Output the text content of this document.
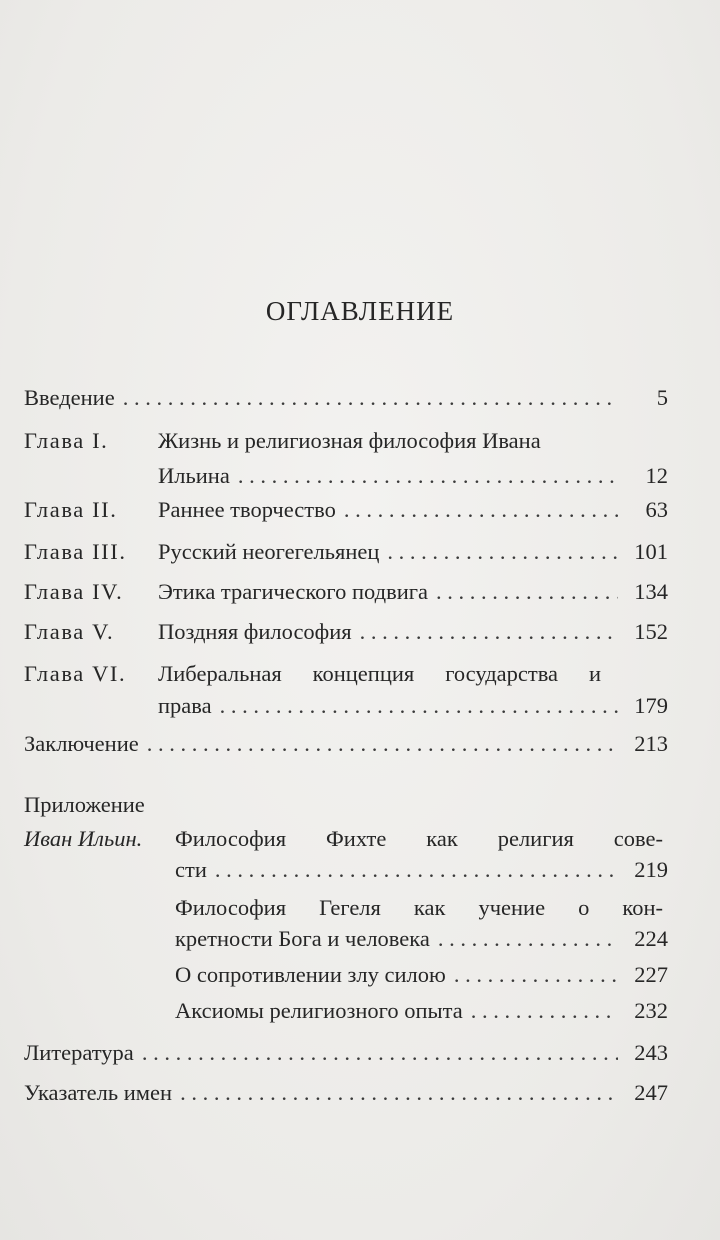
ОГЛАВЛЕНИЕ
Введение . . .	5
Глава I. Жизнь и религиозная философия Ивана
Ильина . . .	12
Глава II. Раннее творчество . . .	63
Глава III. Русский неогегельянец . . .	101
Глава IV. Этика трагического подвига . . .	134
Глава V. Поздняя философия . . .	152
Глава VI. Либеральная концепция государства и
права . . .	179
Заключение . . .	213
Приложение
Иван Ильин. Философия Фихте как религия сове-
сти . . .	219
Философия Гегеля как учение о кон-
кретности Бога и человека . . .	224
О сопротивлении злу силою . . .	227
Аксиомы религиозного опыта . . .	232
Литература . . .	243
Указатель имен . . .	247
